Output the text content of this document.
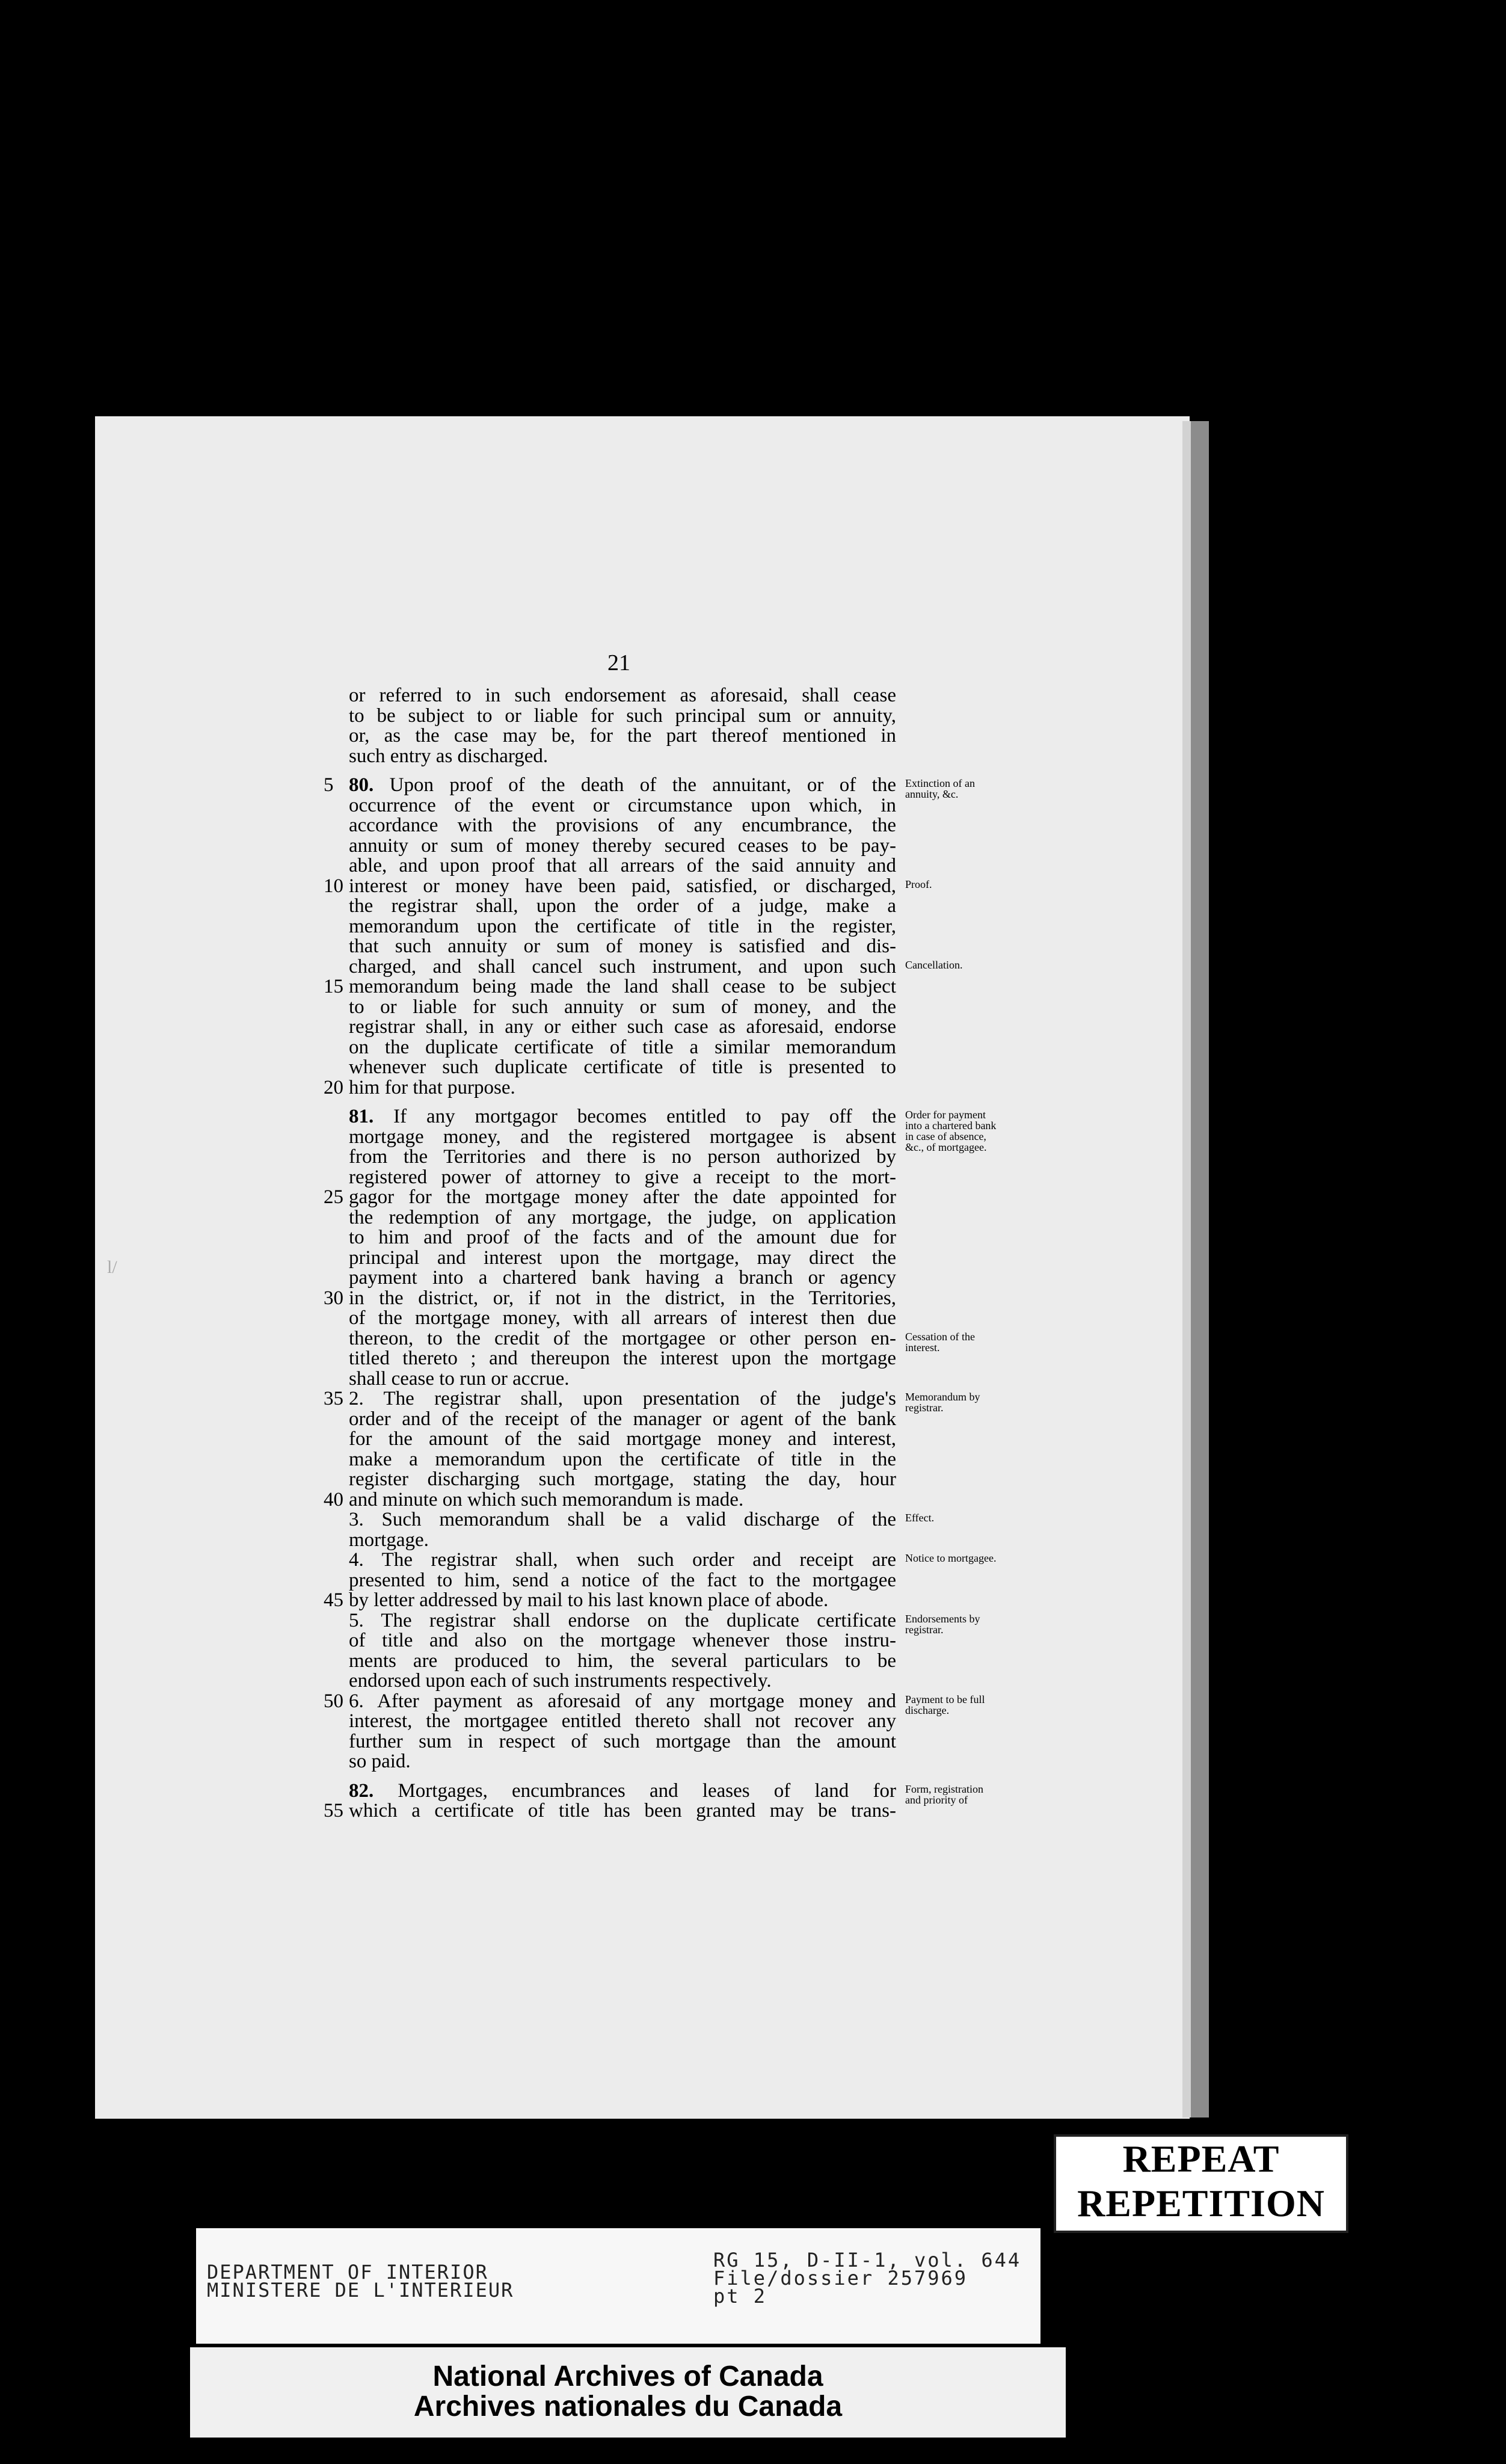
21
or referred to in such endorsement as aforesaid, shall cease
to be subject to or liable for such principal sum or annuity,
or, as the case may be, for the part thereof mentioned in
such entry as discharged.
5 80. Upon proof of the death of the annuitant, or of the
occurrence of the event or circumstance upon which, in
accordance with the provisions of any encumbrance, the
annuity or sum of money thereby secured ceases to be pay-
able, and upon proof that all arrears of the said annuity and
10 interest or money have been paid, satisfied, or discharged,
the registrar shall, upon the order of a judge, make a
memorandum upon the certificate of title in the register,
that such annuity or sum of money is satisfied and dis-
charged, and shall cancel such instrument, and upon such
15 memorandum being made the land shall cease to be subject
to or liable for such annuity or sum of money, and the
registrar shall, in any or either such case as aforesaid, endorse
on the duplicate certificate of title a similar memorandum
whenever such duplicate certificate of title is presented to
20 him for that purpose.
81. If any mortgagor becomes entitled to pay off the
mortgage money, and the registered mortgagee is absent
from the Territories and there is no person authorized by
registered power of attorney to give a receipt to the mort-
25 gagor for the mortgage money after the date appointed for
the redemption of any mortgage, the judge, on application
to him and proof of the facts and of the amount due for
principal and interest upon the mortgage, may direct the
payment into a chartered bank having a branch or agency
30 in the district, or, if not in the district, in the Territories,
of the mortgage money, with all arrears of interest then due
thereon, to the credit of the mortgagee or other person en-
titled thereto ; and thereupon the interest upon the mortgage
shall cease to run or accrue.
35 2. The registrar shall, upon presentation of the judge's
order and of the receipt of the manager or agent of the bank
for the amount of the said mortgage money and interest,
make a memorandum upon the certificate of title in the
register discharging such mortgage, stating the day, hour
40 and minute on which such memorandum is made.
3. Such memorandum shall be a valid discharge of the
mortgage.
4. The registrar shall, when such order and receipt are
presented to him, send a notice of the fact to the mortgagee
45 by letter addressed by mail to his last known place of abode.
5. The registrar shall endorse on the duplicate certificate
of title and also on the mortgage whenever those instru-
ments are produced to him, the several particulars to be
endorsed upon each of such instruments respectively.
50 6. After payment as aforesaid of any mortgage money and
interest, the mortgagee entitled thereto shall not recover any
further sum in respect of such mortgage than the amount
so paid.
82. Mortgages, encumbrances and leases of land for
55 which a certificate of title has been granted may be trans-
l/
REPEAT
REPETITION
DEPARTMENT OF INTERIOR
MINISTERE DE L'INTERIEUR
RG 15, D-II-1, vol. 644
File/dossier 257969
pt 2
National Archives of Canada
Archives nationales du Canada
Extinction of an annuity, &c.
Proof.
Cancellation.
Order for payment into a chartered bank in case of absence, &c., of mortgagee.
Cessation of the interest.
Memorandum by registrar.
Effect.
Notice to mortgagee.
Endorsements by registrar.
Payment to be full discharge.
Form, registration and priority of
